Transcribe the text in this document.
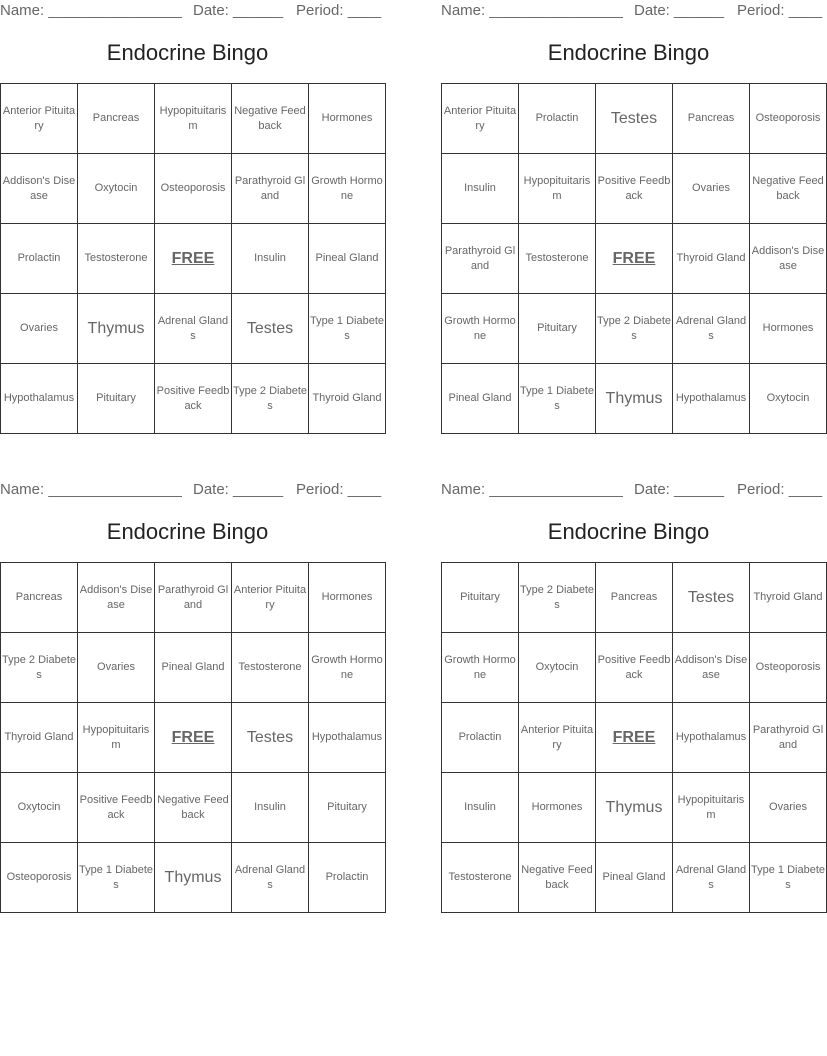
Name: ________________ Date: ______ Period: ____
Endocrine Bingo
Anterior Pituitary	Pancreas	Hypopituitarism	Negative Feedback	Hormones
Addison's Disease	Oxytocin	Osteoporosis	Parathyroid Gland	Growth Hormone
Prolactin	Testosterone	FREE	Insulin	Pineal Gland
Ovaries	Thymus	Adrenal Glands	Testes	Type 1 Diabetes
Hypothalamus	Pituitary	Positive Feedback	Type 2 Diabetes	Thyroid Gland
Name: ________________ Date: ______ Period: ____
Endocrine Bingo
Anterior Pituitary	Prolactin	Testes	Pancreas	Osteoporosis
Insulin	Hypopituitarism	Positive Feedback	Ovaries	Negative Feedback
Parathyroid Gland	Testosterone	FREE	Thyroid Gland	Addison's Disease
Growth Hormone	Pituitary	Type 2 Diabetes	Adrenal Glands	Hormones
Pineal Gland	Type 1 Diabetes	Thymus	Hypothalamus	Oxytocin
Name: ________________ Date: ______ Period: ____
Endocrine Bingo
Pancreas	Addison's Disease	Parathyroid Gland	Anterior Pituitary	Hormones
Type 2 Diabetes	Ovaries	Pineal Gland	Testosterone	Growth Hormone
Thyroid Gland	Hypopituitarism	FREE	Testes	Hypothalamus
Oxytocin	Positive Feedback	Negative Feedback	Insulin	Pituitary
Osteoporosis	Type 1 Diabetes	Thymus	Adrenal Glands	Prolactin
Name: ________________ Date: ______ Period: ____
Endocrine Bingo
Pituitary	Type 2 Diabetes	Pancreas	Testes	Thyroid Gland
Growth Hormone	Oxytocin	Positive Feedback	Addison's Disease	Osteoporosis
Prolactin	Anterior Pituitary	FREE	Hypothalamus	Parathyroid Gland
Insulin	Hormones	Thymus	Hypopituitarism	Ovaries
Testosterone	Negative Feedback	Pineal Gland	Adrenal Glands	Type 1 Diabetes
